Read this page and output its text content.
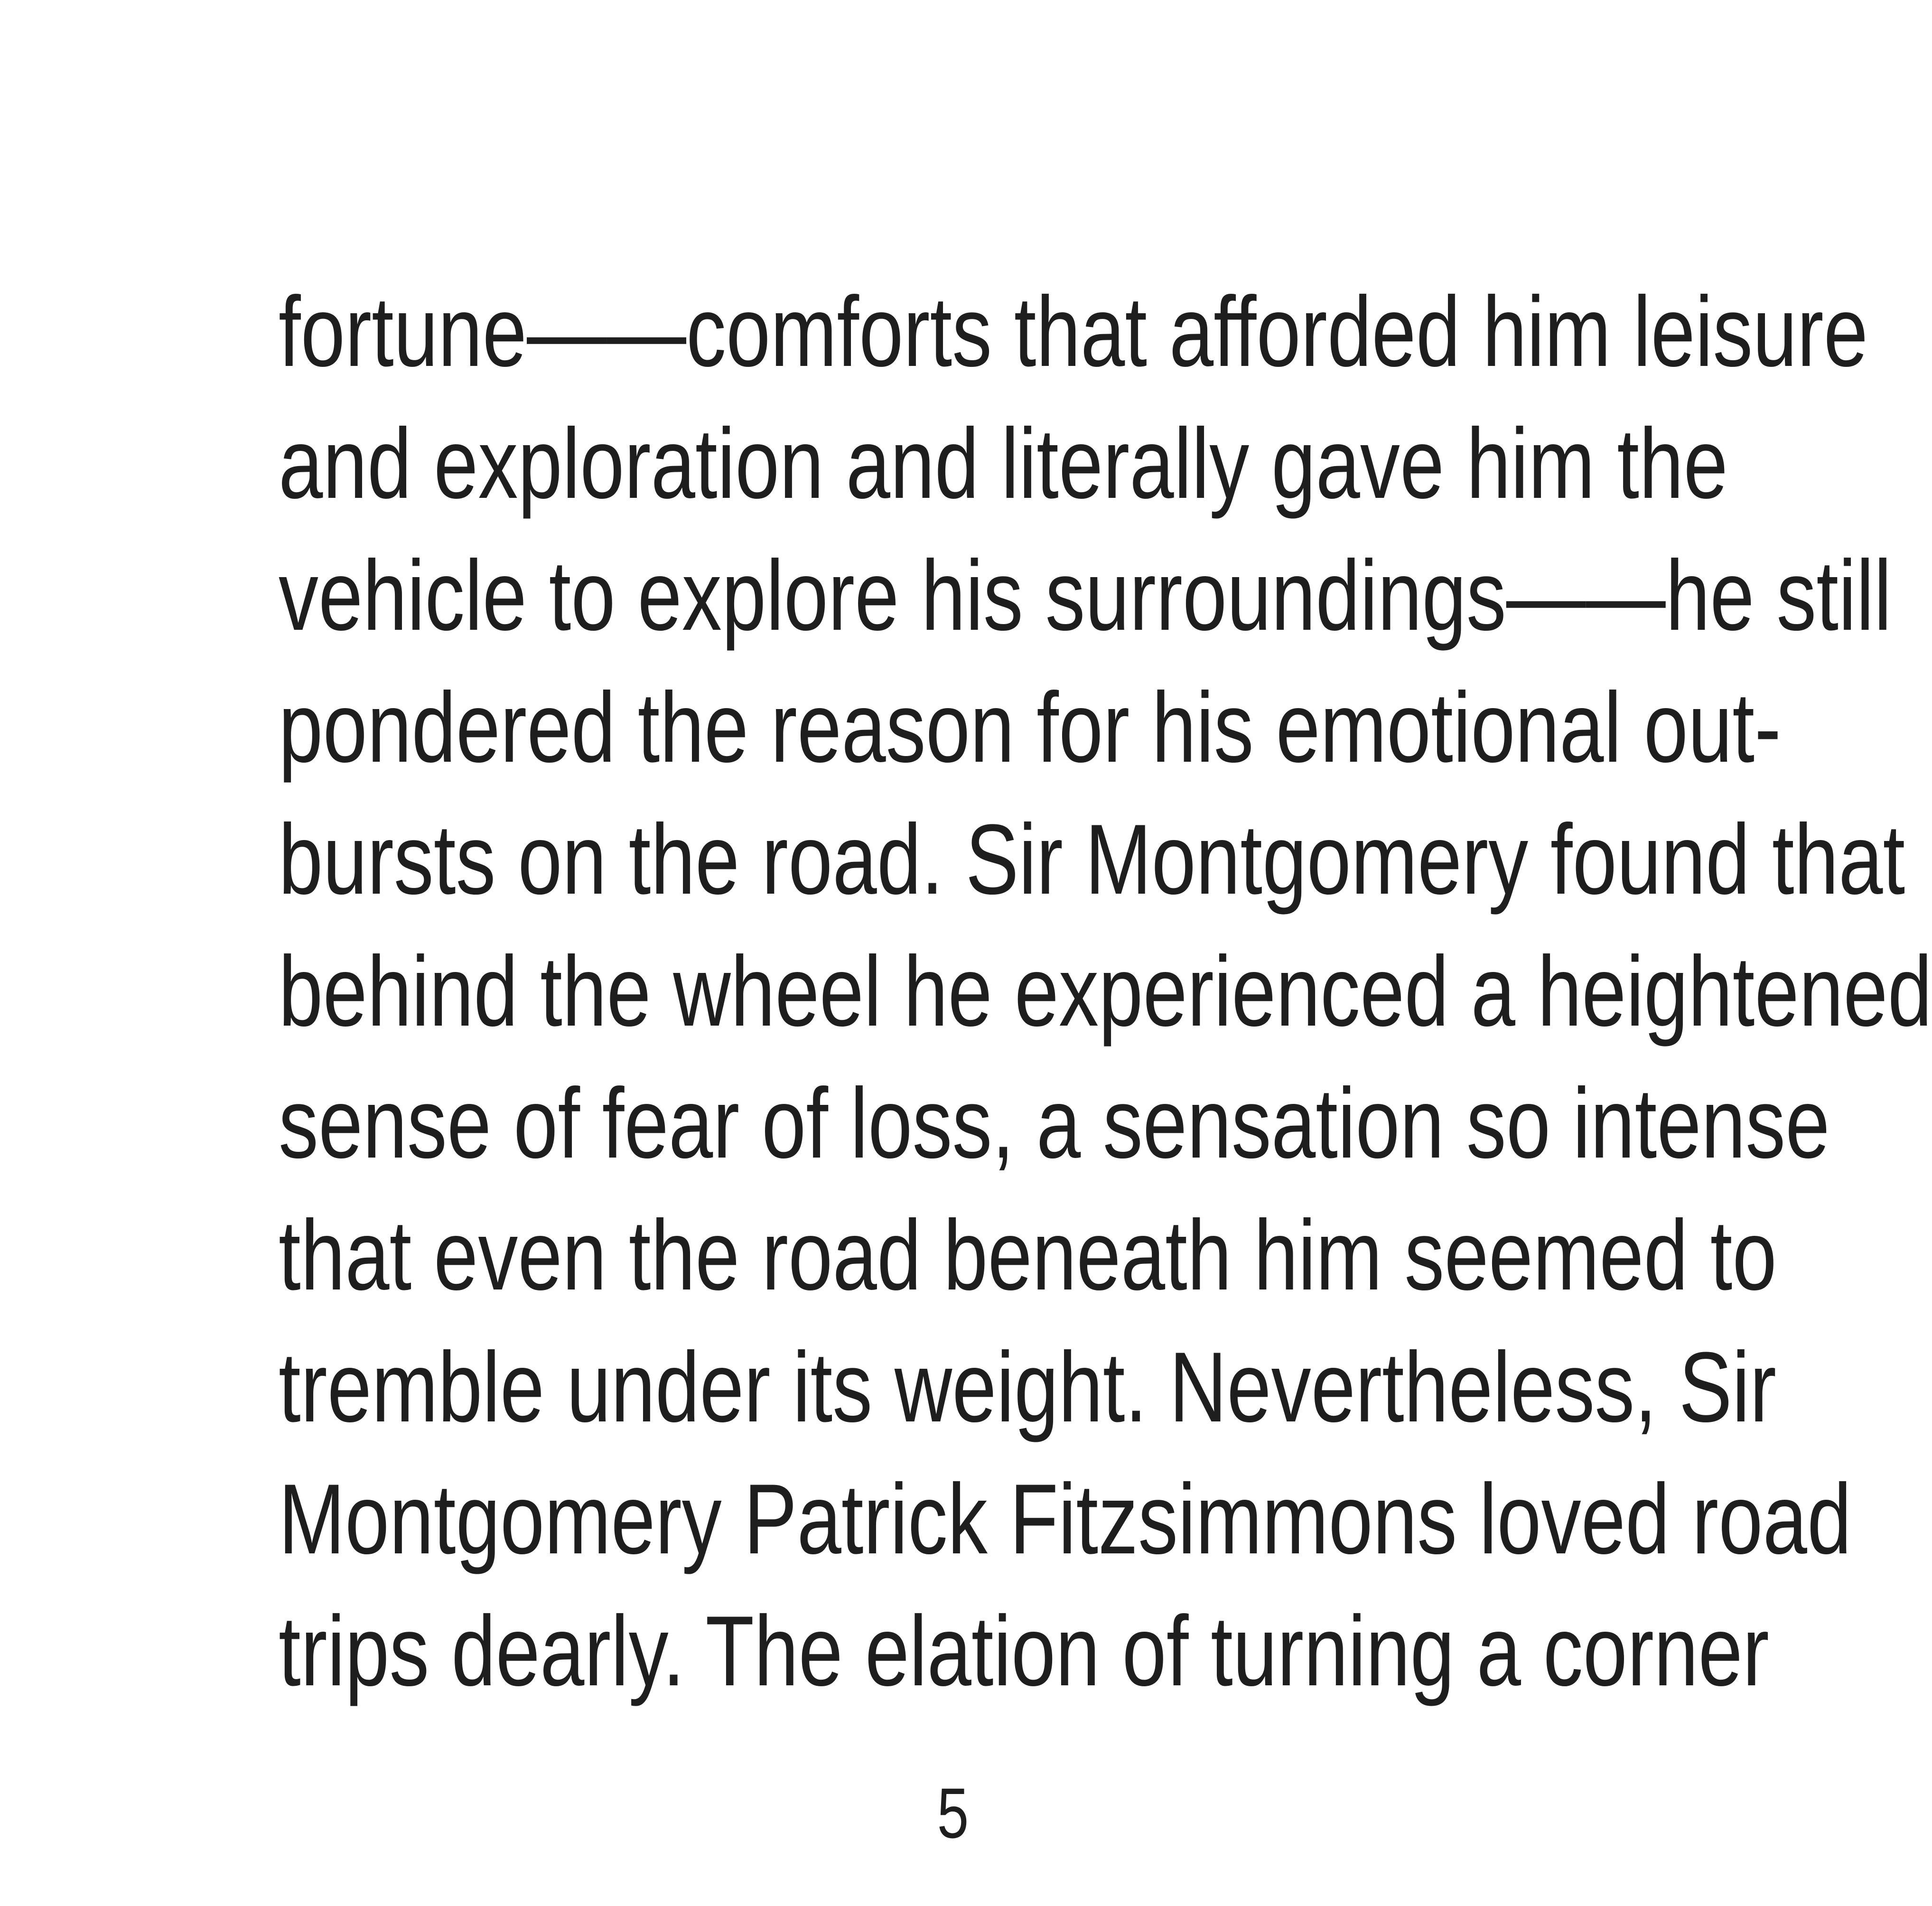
fortune——comforts that afforded him leisure
and exploration and literally gave him the
vehicle to explore his surroundings——he still
pondered the reason for his emotional out-
bursts on the road. Sir Montgomery found that
behind the wheel he experienced a heightened
sense of fear of loss, a sensation so intense
that even the road beneath him seemed to
tremble under its weight. Nevertheless, Sir
Montgomery Patrick Fitzsimmons loved road
trips dearly. The elation of turning a corner
5
